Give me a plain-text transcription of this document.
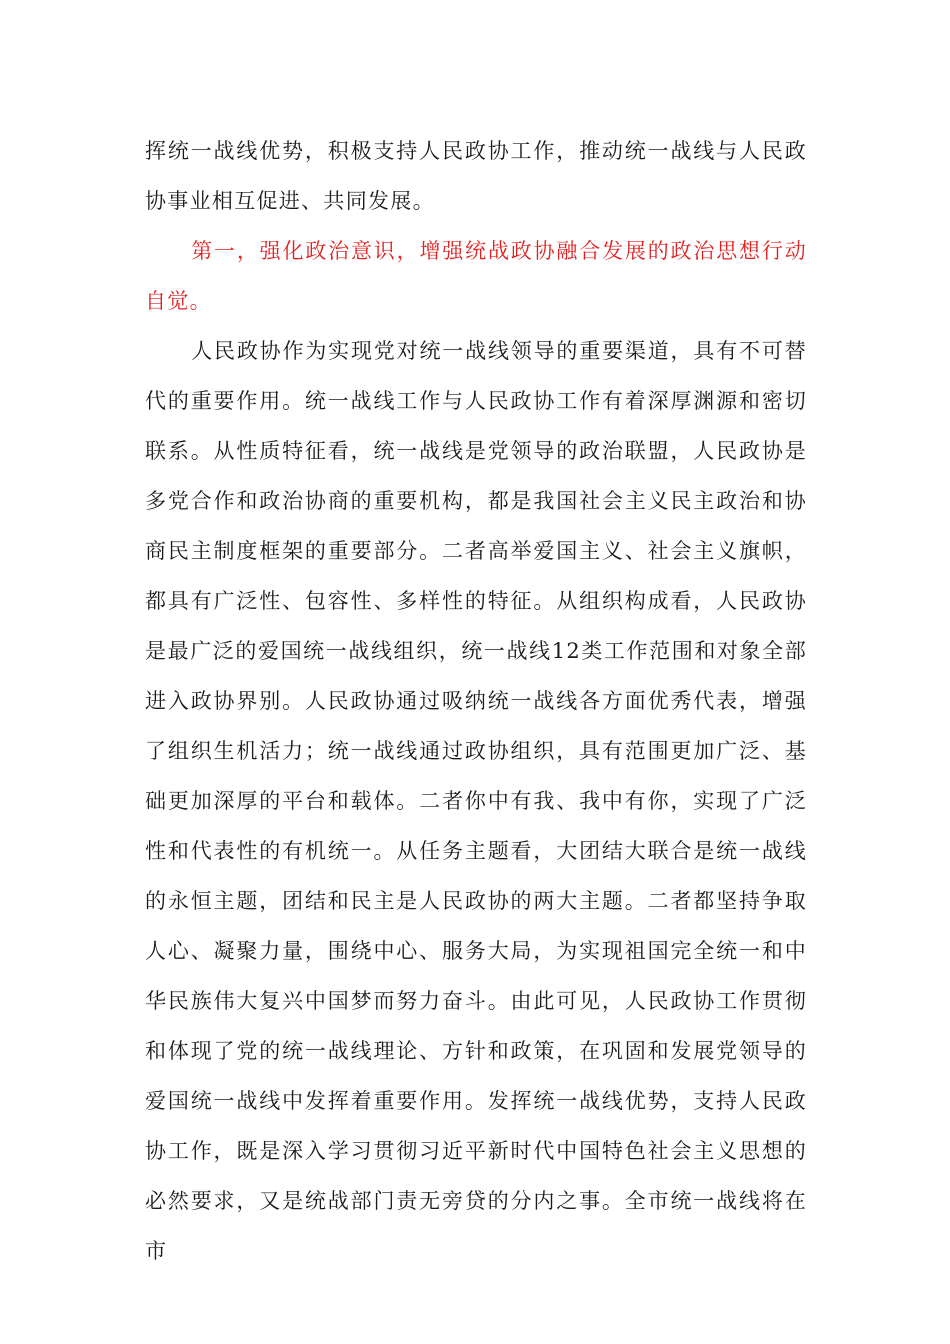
挥统一战线优势，积极支持人民政协工作，推动统一战线与人民政协事业相互促进、共同发展。

第一，强化政治意识，增强统战政协融合发展的政治思想行动自觉。

人民政协作为实现党对统一战线领导的重要渠道，具有不可替代的重要作用。统一战线工作与人民政协工作有着深厚渊源和密切联系。从性质特征看，统一战线是党领导的政治联盟，人民政协是多党合作和政治协商的重要机构，都是我国社会主义民主政治和协商民主制度框架的重要部分。二者高举爱国主义、社会主义旗帜，都具有广泛性、包容性、多样性的特征。从组织构成看，人民政协是最广泛的爱国统一战线组织，统一战线12类工作范围和对象全部进入政协界别。人民政协通过吸纳统一战线各方面优秀代表，增强了组织生机活力；统一战线通过政协组织，具有范围更加广泛、基础更加深厚的平台和载体。二者你中有我、我中有你，实现了广泛性和代表性的有机统一。从任务主题看，大团结大联合是统一战线的永恒主题，团结和民主是人民政协的两大主题。二者都坚持争取人心、凝聚力量，围绕中心、服务大局，为实现祖国完全统一和中华民族伟大复兴中国梦而努力奋斗。由此可见，人民政协工作贯彻和体现了党的统一战线理论、方针和政策，在巩固和发展党领导的爱国统一战线中发挥着重要作用。发挥统一战线优势，支持人民政协工作，既是深入学习贯彻习近平新时代中国特色社会主义思想的必然要求，又是统战部门责无旁贷的分内之事。全市统一战线将在市
